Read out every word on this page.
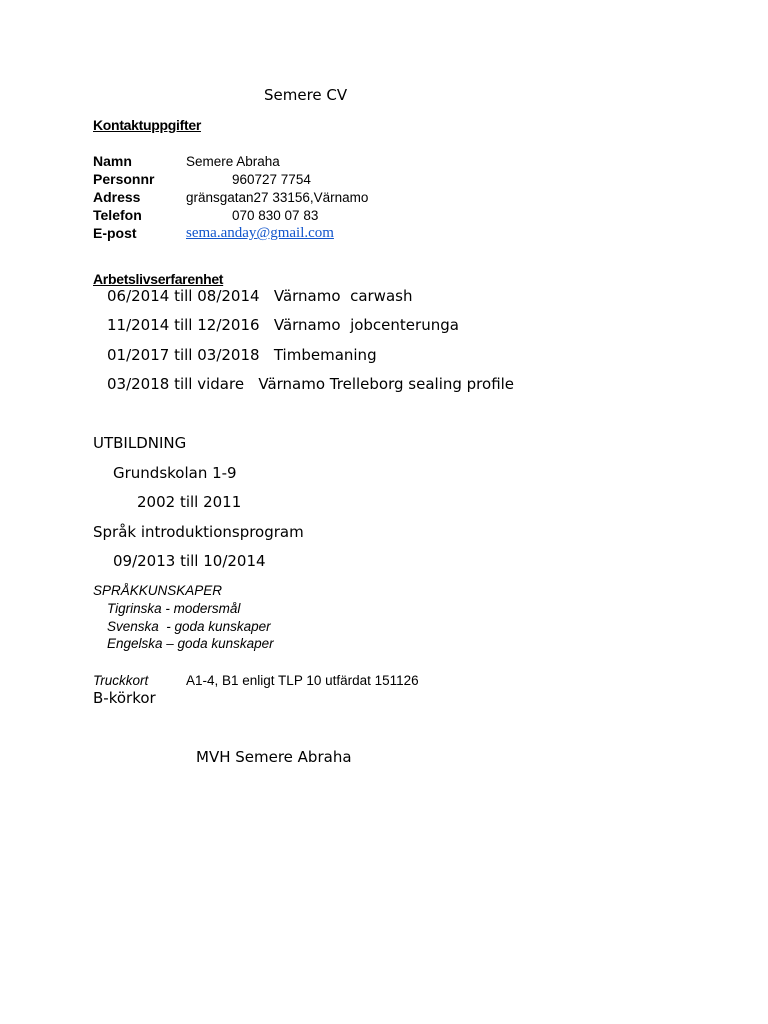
Semere CV
Kontaktuppgifter
Namn	Semere Abraha
Personnr	960727 7754
Adress	gränsgatan27 33156,Värnamo
Telefon	070 830 07 83
E-post	sema.anday@gmail.com
Arbetslivserfarenhet
06/2014 till 08/2014   Värnamo  carwash
11/2014 till 12/2016   Värnamo  jobcenterunga
01/2017 till 03/2018   Timbemaning
03/2018 till vidare   Värnamo Trelleborg sealing profile
UTBILDNING
Grundskolan 1-9
2002 till 2011
Språk introduktionsprogram
09/2013 till 10/2014
SPRÅKKUNSKAPER
Tigrinska - modersmål
Svenska  - goda kunskaper
Engelska – goda kunskaper
Truckkort	A1-4, B1 enligt TLP 10 utfärdat 151126
B-körkor
MVH Semere Abraha
